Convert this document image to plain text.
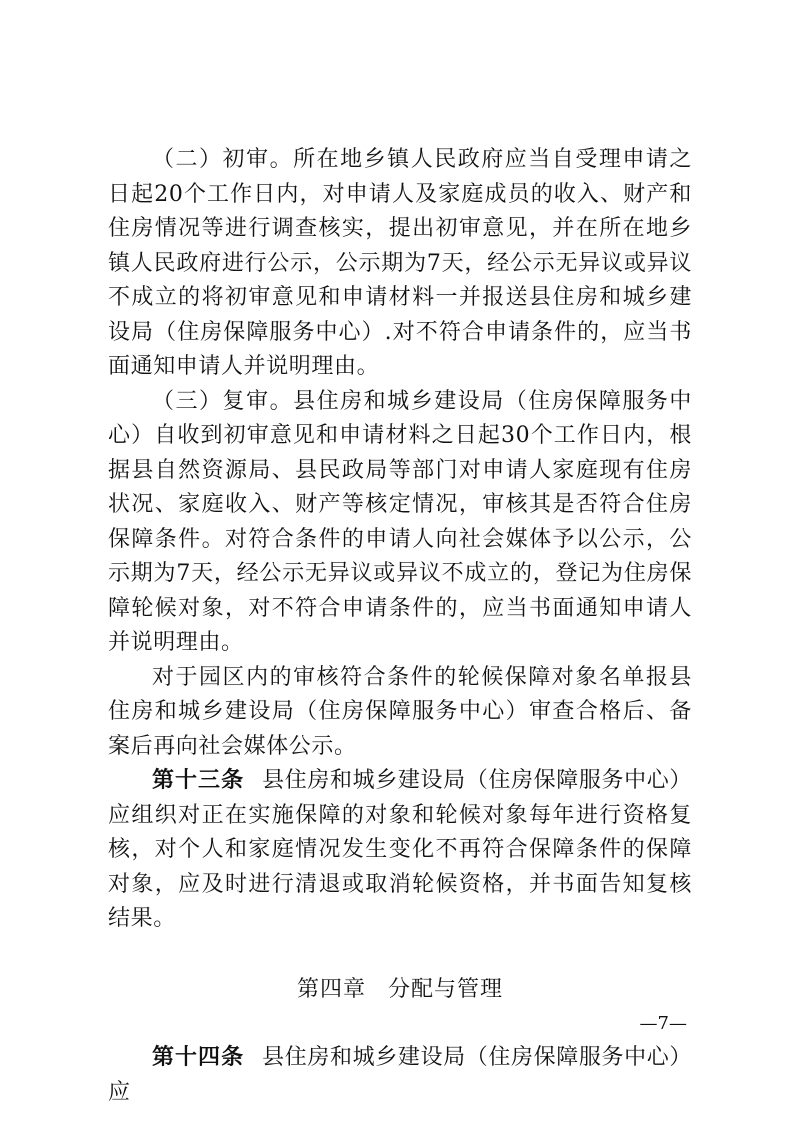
（二）初审。所在地乡镇人民政府应当自受理申请之日起20个工作日内，对申请人及家庭成员的收入、财产和住房情况等进行调查核实，提出初审意见，并在所在地乡镇人民政府进行公示，公示期为7天，经公示无异议或异议不成立的将初审意见和申请材料一并报送县住房和城乡建设局（住房保障服务中心）.对不符合申请条件的，应当书面通知申请人并说明理由。

（三）复审。县住房和城乡建设局（住房保障服务中心）自收到初审意见和申请材料之日起30个工作日内，根据县自然资源局、县民政局等部门对申请人家庭现有住房状况、家庭收入、财产等核定情况，审核其是否符合住房保障条件。对符合条件的申请人向社会媒体予以公示，公示期为7天，经公示无异议或异议不成立的，登记为住房保障轮候对象，对不符合申请条件的，应当书面通知申请人并说明理由。

对于园区内的审核符合条件的轮候保障对象名单报县住房和城乡建设局（住房保障服务中心）审查合格后、备案后再向社会媒体公示。

第十三条 县住房和城乡建设局（住房保障服务中心）应组织对正在实施保障的对象和轮候对象每年进行资格复核，对个人和家庭情况发生变化不再符合保障条件的保障对象，应及时进行清退或取消轮候资格，并书面告知复核结果。

第四章 分配与管理

第十四条 县住房和城乡建设局（住房保障服务中心）应

—7—
